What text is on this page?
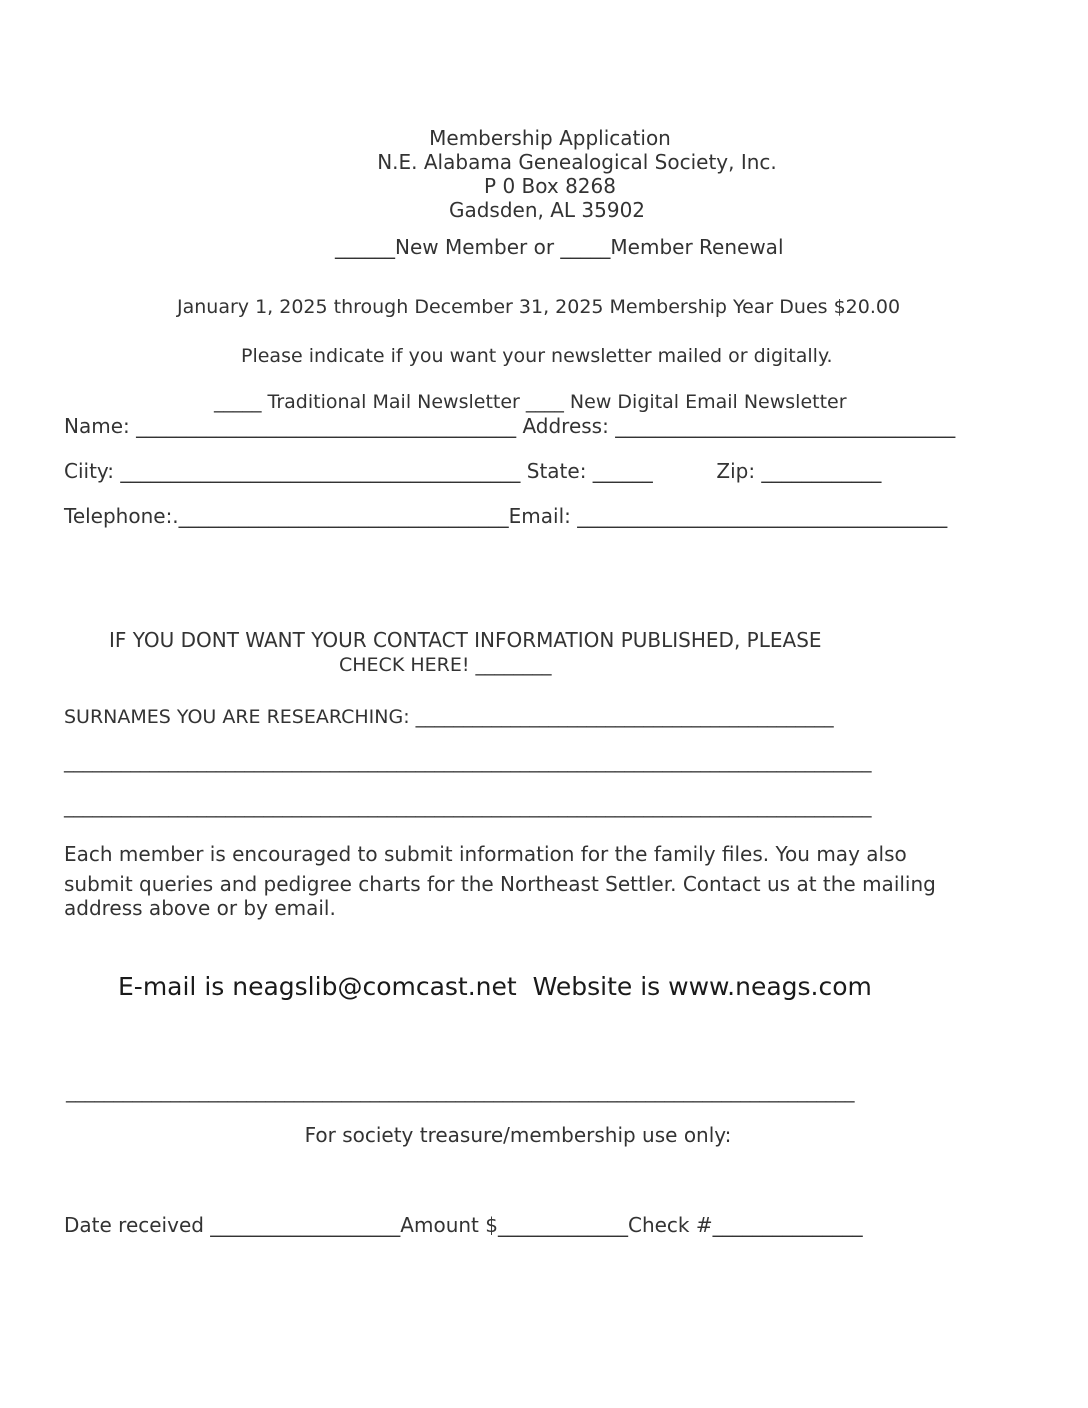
Membership Application

N.E. Alabama Genealogical Society, Inc.

P 0 Box 8268

Gadsden, AL 35902

______New Member or _____Member Renewal

January 1, 2025 through December 31, 2025 Membership Year Dues $20.00

Please indicate if you want your newsletter mailed or digitally.

_____ Traditional Mail Newsletter ____ New Digital Email Newsletter

Name: ______________________________________ Address: __________________________________

Ciity: ________________________________________ State: ______          Zip: ____________

Telephone:._________________________________Email: _____________________________________

IF YOU DONT WANT YOUR CONTACT INFORMATION PUBLISHED, PLEASE

CHECK HERE! ________

SURNAMES YOU ARE RESEARCHING: ____________________________________________

_____________________________________________________________________________________

_____________________________________________________________________________________

Each member is encouraged to submit information for the family files. You may also

submit queries and pedigree charts for the Northeast Settler. Contact us at the mailing

address above or by email.

E-mail is neagslib@comcast.net  Website is www.neags.com

___________________________________________________________________________________

For society treasure/membership use only:

Date received ___________________Amount $_____________Check #_______________
